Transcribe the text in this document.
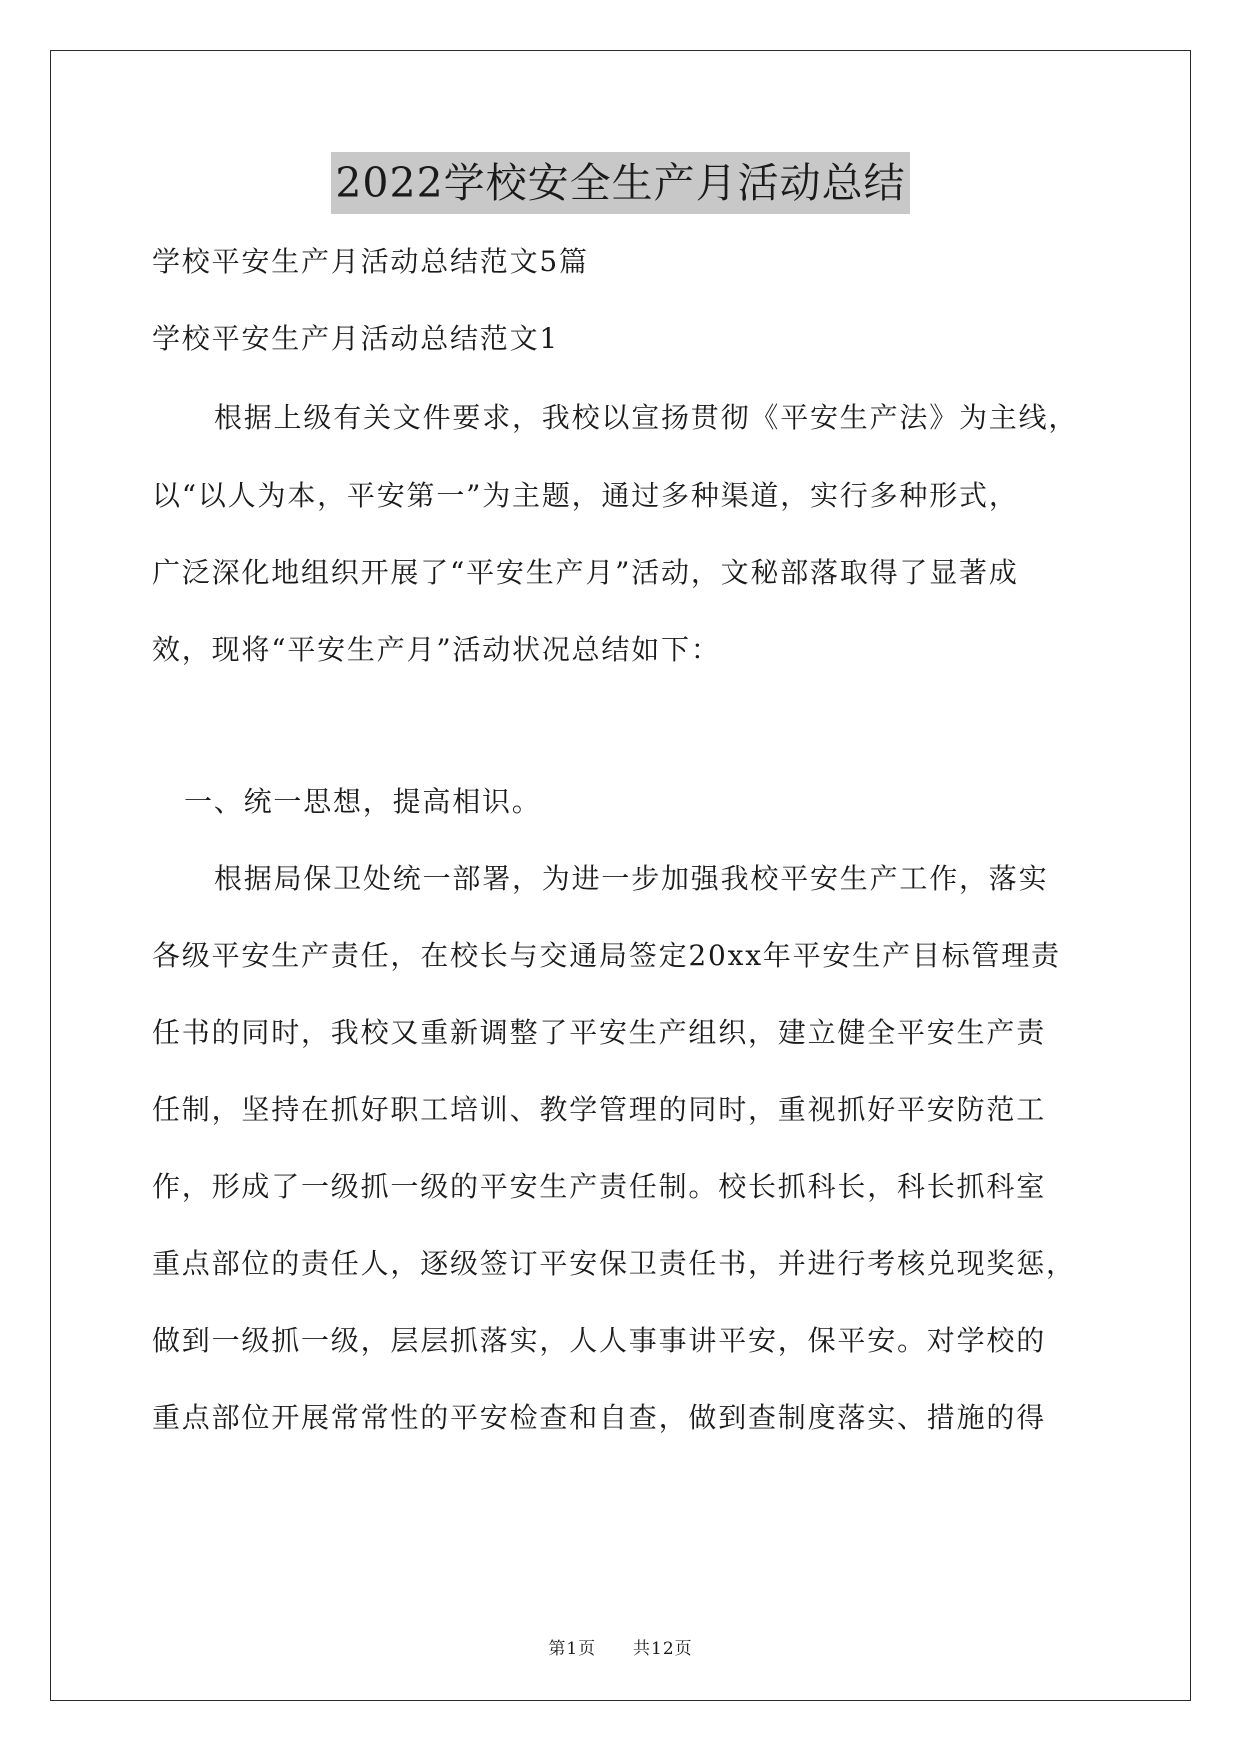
2022学校安全生产月活动总结
学校平安生产月活动总结范文5篇
学校平安生产月活动总结范文1
根据上级有关文件要求，我校以宣扬贯彻《平安生产法》为主线，
以“以人为本，平安第一”为主题，通过多种渠道，实行多种形式，
广泛深化地组织开展了“平安生产月”活动，文秘部落取得了显著成
效，现将“平安生产月”活动状况总结如下：
一、统一思想，提高相识。
根据局保卫处统一部署，为进一步加强我校平安生产工作，落实
各级平安生产责任，在校长与交通局签定20xx年平安生产目标管理责
任书的同时，我校又重新调整了平安生产组织，建立健全平安生产责
任制，坚持在抓好职工培训、教学管理的同时，重视抓好平安防范工
作，形成了一级抓一级的平安生产责任制。校长抓科长，科长抓科室
重点部位的责任人，逐级签订平安保卫责任书，并进行考核兑现奖惩，
做到一级抓一级，层层抓落实，人人事事讲平安，保平安。对学校的
重点部位开展常常性的平安检查和自查，做到查制度落实、措施的得
第1页 共12页
